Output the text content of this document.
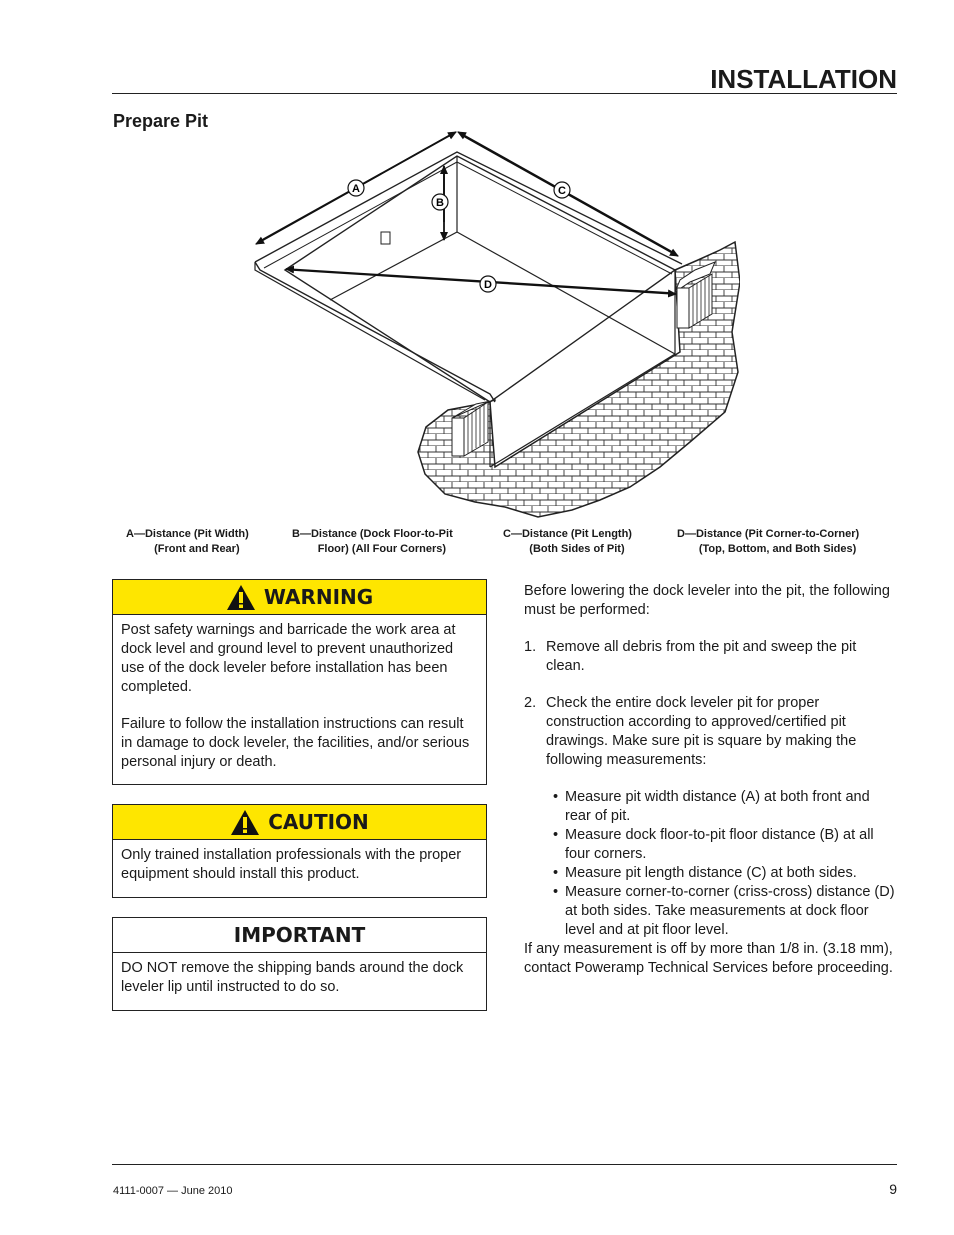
INSTALLATION
Prepare Pit
A
B
C
D
A — Distance (Pit Width)
(Front and Rear)
B — Distance (Dock Floor-to-Pit
Floor) (All Four Corners)
C — Distance (Pit Length)
(Both Sides of Pit)
D — Distance (Pit Corner-to-Corner)
(Top, Bottom, and Both Sides)
WARNING

Post safety warnings and barricade the work area at dock level and ground level to prevent unauthorized use of the dock leveler before installation has been completed.

Failure to follow the installation instructions can result in damage to dock leveler, the facilities, and/or serious personal injury or death.

CAUTION

Only trained installation professionals with the proper equipment should install this product.

IMPORTANT

DO NOT remove the shipping bands around the dock leveler lip until instructed to do so.

Before lowering the dock leveler into the pit, the following must be performed:

1. Remove all debris from the pit and sweep the pit clean.
2. Check the entire dock leveler pit for proper construction according to approved/certified pit drawings. Make sure pit is square by making the following measurements:
• Measure pit width distance (A) at both front and rear of pit.
• Measure dock floor-to-pit floor distance (B) at all four corners.
• Measure pit length distance (C) at both sides.
• Measure corner-to-corner (criss-cross) distance (D) at both sides. Take measurements at dock floor level and at pit floor level.

If any measurement is off by more than 1/8 in. (3.18 mm), contact Poweramp Technical Services before proceeding.

4111-0007 — June 2010	9
